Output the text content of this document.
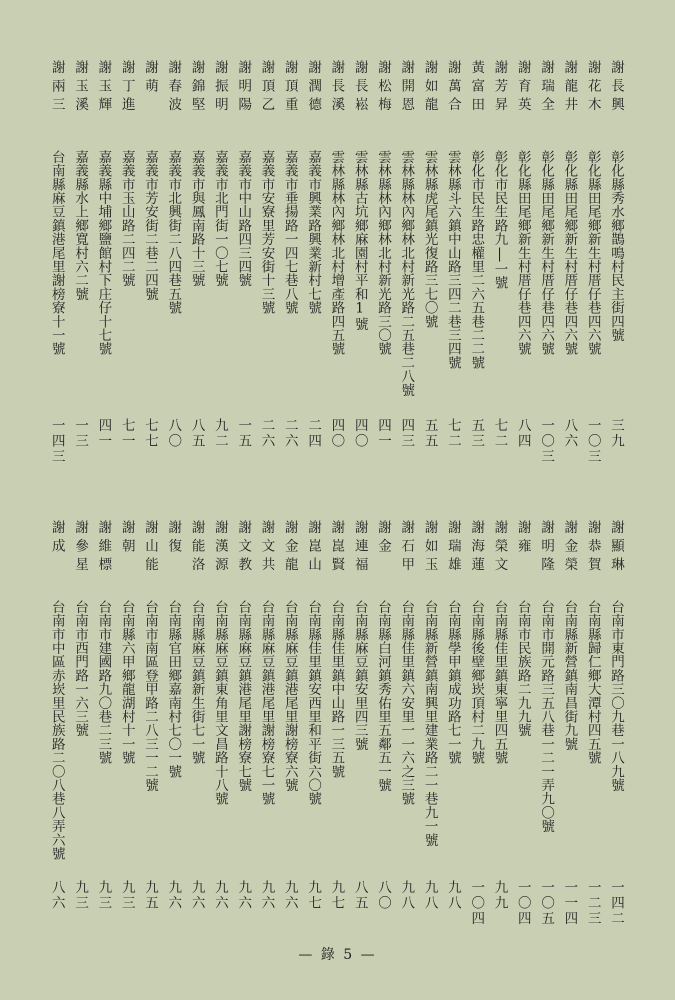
謝長興
彰化縣秀水鄉鵲鳴村民主街四號
三九
謝花木
彰化縣田尾鄉新生村厝仔巷四六號
一〇三
謝龍井
彰化縣田尾鄉新生村厝仔巷四六號
八六
謝瑞全
彰化縣田尾鄉新生村厝仔巷四六號
一〇三
謝育英
彰化縣田尾鄉新生村厝仔巷四六號
八四
謝芳昇
彰化市民生路九|一號
七二
黃富田
彰化市民生路忠權里二六五巷二二號
五三
謝萬合
雲林縣斗六鎮中山路三四二巷三四號
七二
謝如龍
雲林縣虎尾鎮光復路三七〇號
五五
謝開恩
雲林縣林內鄉林北村新光路二五巷二八號
四三
謝松梅
雲林縣林內鄉林北村新光路三〇號
四一
謝長崧
雲林縣古坑鄉麻園村平和1號
四〇
謝長溪
雲林縣林內鄉林北村增產路四五號
四〇
謝潤德
嘉義市興業路興業新村七號
二四
謝頂重
嘉義市垂揚路一四七巷八號
二六
謝頂乙
嘉義市安寮里芳安街十三號
二六
謝明陽
嘉義市中山路四三四號
一五
謝振明
嘉義市北門街一〇七號
九二
謝錦堅
嘉義市與鳳南路十三號
八五
謝春波
嘉義市北興街二八四巷五號
八〇
謝萌
嘉義市芳安街二巷二四號
七七
謝丁進
嘉義市玉山路二四二號
七一
謝玉輝
嘉義縣中埔鄉鹽館村下庄仔十七號
四一
謝玉溪
嘉義縣水上鄉寬村六二號
一三
謝兩三
台南縣麻豆鎮港尾里謝榜寮十一號
一四三
謝顯琳
台南市東門路三〇九巷一八九號
一四二
謝恭賀
台南縣歸仁鄉大潭村四五號
一二三
謝金榮
台南縣新營鎮南昌街九號
一一四
謝明隆
台南市開元路三五八巷一二一弄九〇號
一〇五
謝雍
台南市民族路二九九號
一〇四
謝榮文
台南縣佳里鎮東寧里四五號
九九
謝海蓮
台南縣後壁鄉崁頂村二九號
一〇四
謝瑞雄
台南縣學甲鎮成功路七一號
九八
謝如玉
台南縣新營鎮南興里建業路二一巷九一號
九八
謝石甲
台南縣佳里鎮六安里一一六之三號
九八
謝金
台南縣白河鎮秀佑里五鄰五一號
八〇
謝連福
台南縣麻豆鎮安里四三號
八五
謝崑賢
台南縣佳里鎮中山路一三五號
九七
謝崑山
台南縣佳里鎮安西里和平街六〇號
九七
謝金龍
台南縣麻豆鎮港尾里謝榜寮六號
九六
謝文共
台南縣麻豆鎮港尾里謝榜寮七一號
九六
謝文教
台南縣麻豆鎮港尾里謝榜寮七號
九六
謝漢源
台南縣麻豆鎮東角里文昌路十八號
九六
謝能洛
台南縣麻豆鎮新生街七一號
九六
謝復
台南縣官田鄉嘉南村七〇一號
九六
謝山能
台南市南區登甲路二八三一二號
九五
謝朝
台南縣六甲鄉龍湖村十一號
九三
謝維標
台南市建國路九〇巷二三號
九三
謝參星
台南市西門路一六三號
九三
謝成
台南市中區赤崁里民族路二〇八巷八弄六號
八六
— 錄 5 —
